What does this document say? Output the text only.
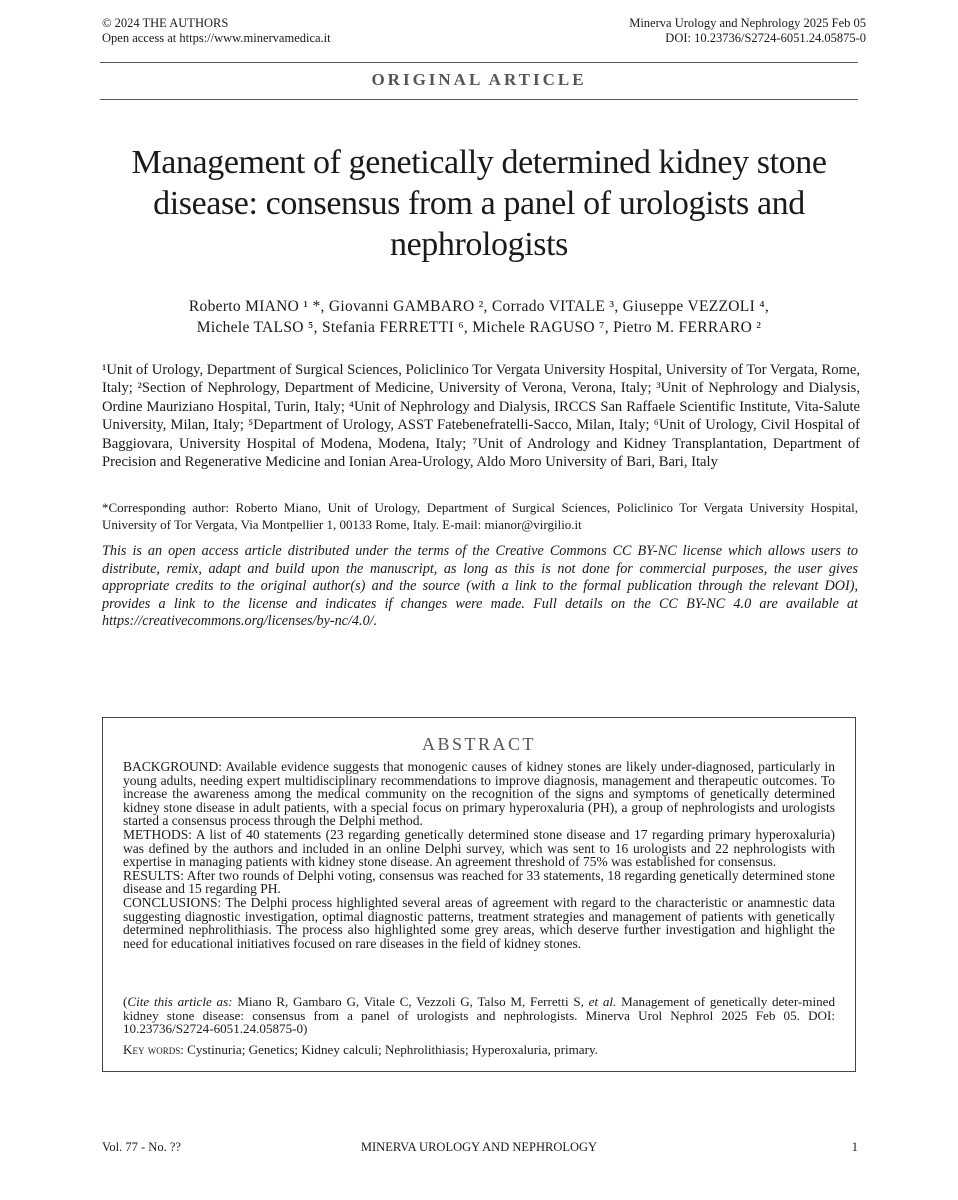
© 2024 THE AUTHORS
Open access at https://www.minervamedica.it
Minerva Urology and Nephrology 2025 Feb 05
DOI: 10.23736/S2724-6051.24.05875-0
ORIGINAL ARTICLE
Management of genetically determined kidney stone disease: consensus from a panel of urologists and nephrologists
Roberto MIANO ¹ *, Giovanni GAMBARO ², Corrado VITALE ³, Giuseppe VEZZOLI ⁴,
Michele TALSO ⁵, Stefania FERRETTI ⁶, Michele RAGUSO ⁷, Pietro M. FERRARO ²
¹Unit of Urology, Department of Surgical Sciences, Policlinico Tor Vergata University Hospital, University of Tor Vergata, Rome, Italy; ²Section of Nephrology, Department of Medicine, University of Verona, Verona, Italy; ³Unit of Nephrology and Dialysis, Ordine Mauriziano Hospital, Turin, Italy; ⁴Unit of Nephrology and Dialysis, IRCCS San Raffaele Scientific Institute, Vita-Salute University, Milan, Italy; ⁵Department of Urology, ASST Fatebenefratelli-Sacco, Milan, Italy; ⁶Unit of Urology, Civil Hospital of Baggiovara, University Hospital of Modena, Modena, Italy; ⁷Unit of Andrology and Kidney Transplantation, Department of Precision and Regenerative Medicine and Ionian Area-Urology, Aldo Moro University of Bari, Bari, Italy
*Corresponding author: Roberto Miano, Unit of Urology, Department of Surgical Sciences, Policlinico Tor Vergata University Hospital, University of Tor Vergata, Via Montpellier 1, 00133 Rome, Italy. E-mail: mianor@virgilio.it
This is an open access article distributed under the terms of the Creative Commons CC BY-NC license which allows users to distribute, remix, adapt and build upon the manuscript, as long as this is not done for commercial purposes, the user gives appropriate credits to the original author(s) and the source (with a link to the formal publication through the relevant DOI), provides a link to the license and indicates if changes were made. Full details on the CC BY-NC 4.0 are available at https://creativecommons.org/licenses/by-nc/4.0/.
ABSTRACT

BACKGROUND: Available evidence suggests that monogenic causes of kidney stones are likely under-diagnosed, particularly in young adults, needing expert multidisciplinary recommendations to improve diagnosis, management and therapeutic outcomes. To increase the awareness among the medical community on the recognition of the signs and symptoms of genetically determined kidney stone disease in adult patients, with a special focus on primary hyperoxaluria (PH), a group of nephrologists and urologists started a consensus process through the Delphi method.

METHODS: A list of 40 statements (23 regarding genetically determined stone disease and 17 regarding primary hyperoxaluria) was defined by the authors and included in an online Delphi survey, which was sent to 16 urologists and 22 nephrologists with expertise in managing patients with kidney stone disease. An agreement threshold of 75% was established for consensus.

RESULTS: After two rounds of Delphi voting, consensus was reached for 33 statements, 18 regarding genetically determined stone disease and 15 regarding PH.

CONCLUSIONS: The Delphi process highlighted several areas of agreement with regard to the characteristic or anamnestic data suggesting diagnostic investigation, optimal diagnostic patterns, treatment strategies and management of patients with genetically determined nephrolithiasis. The process also highlighted some grey areas, which deserve further investigation and highlight the need for educational initiatives focused on rare diseases in the field of kidney stones.

(Cite this article as: Miano R, Gambaro G, Vitale C, Vezzoli G, Talso M, Ferretti S, et al. Management of genetically deter-mined kidney stone disease: consensus from a panel of urologists and nephrologists. Minerva Urol Nephrol 2025 Feb 05. DOI: 10.23736/S2724-6051.24.05875-0)
Key words: Cystinuria; Genetics; Kidney calculi; Nephrolithiasis; Hyperoxaluria, primary.
Vol. 77 - No. ??	MINERVA UROLOGY AND NEPHROLOGY	1
